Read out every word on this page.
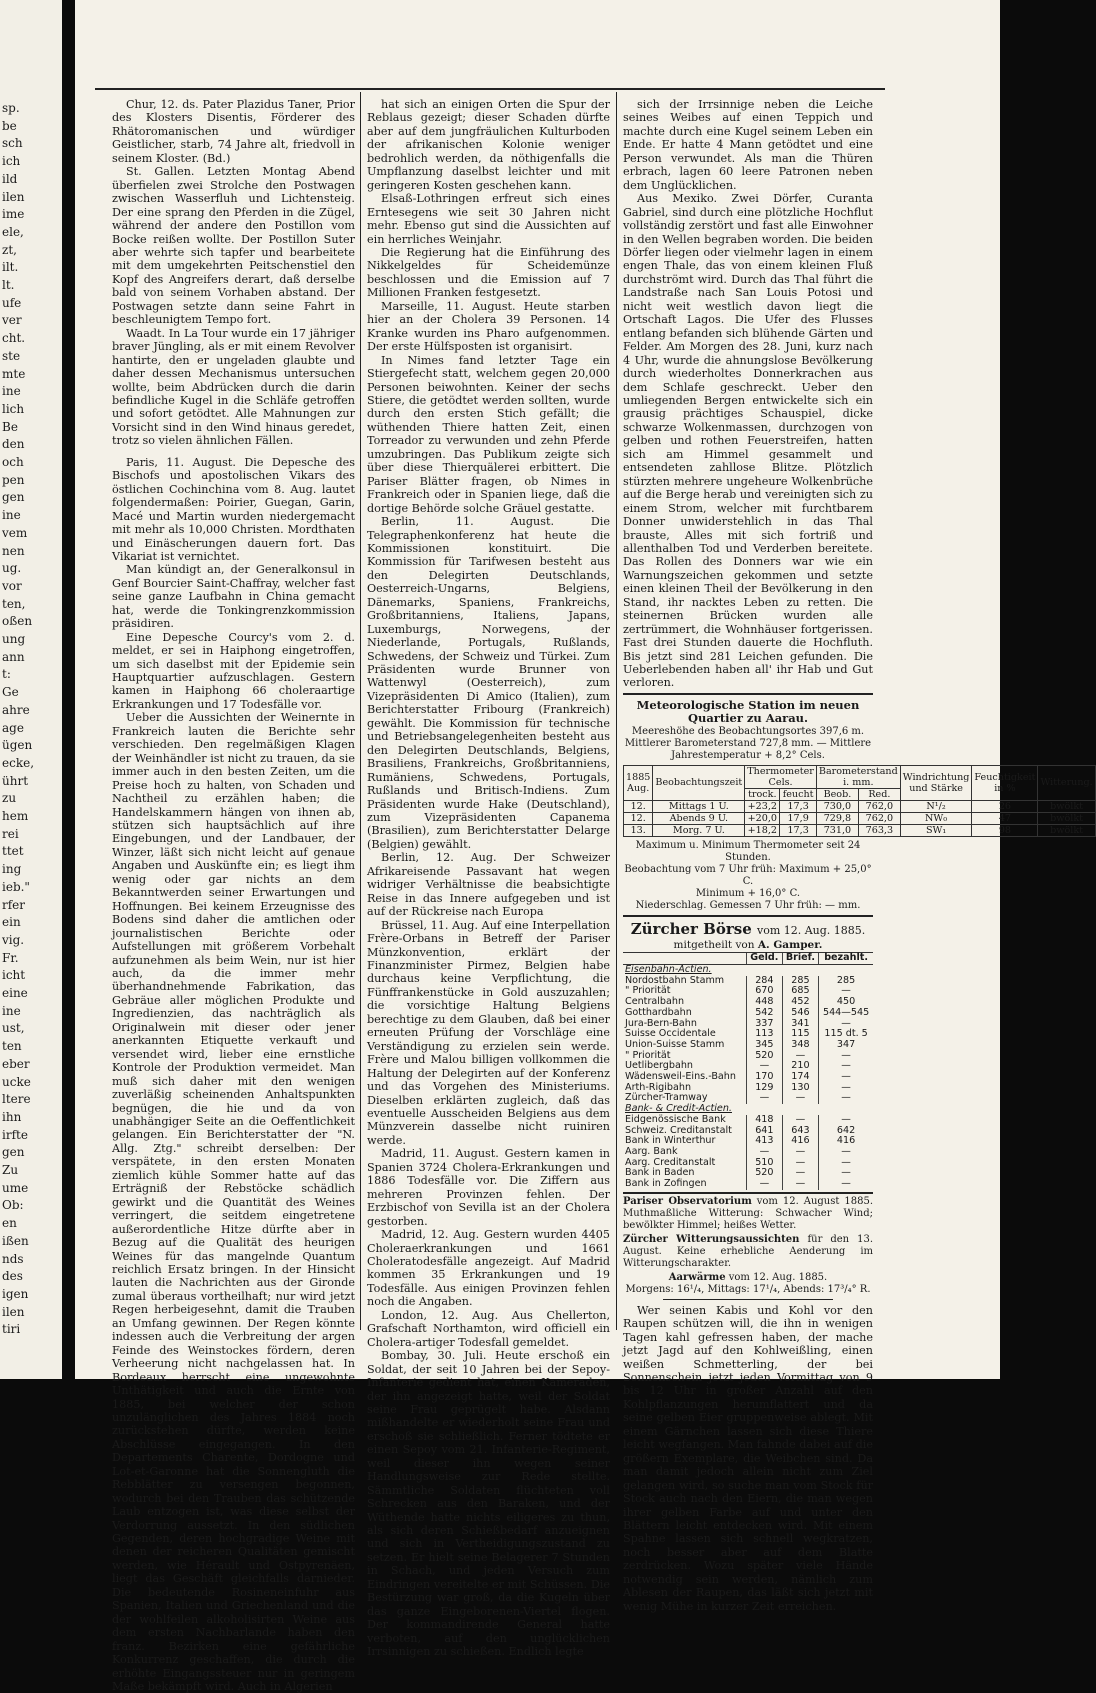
sp.
be
sch
ich
ild
ilen
ime
ele,
zt,
ilt.
lt.
ufe
ver
cht.
ste
mte
ine
lich
Be
den
och
pen
gen
ine
vem
nen
ug.
vor
ten,
oßen
ung
ann
t:
Ge
ahre
age
ügen
ecke,
ührt
zu
hem
rei
ttet
ing
ieb."
rfer
ein
vig.
Fr.
icht
eine
ine
ust,
ten
eber
ucke
ltere
ihn
irfte
gen
Zu
ume
Ob:
en
ißen
nds
des
igen
ilen
tiri

Chur, 12. ds. Pater Plazidus Taner, Prior des Klosters Disentis, Förderer des Rhätoromanischen und würdiger Geistlicher, starb, 74 Jahre alt, friedvoll in seinem Kloster. (Bd.)

St. Gallen. Letzten Montag Abend überfielen zwei Strolche den Postwagen zwischen Wasserfluh und Lichtensteig. Der eine sprang den Pferden in die Zügel, während der andere den Postillon vom Bocke reißen wollte. Der Postillon Suter aber wehrte sich tapfer und bearbeitete mit dem umgekehrten Peitschenstiel den Kopf des Angreifers derart, daß derselbe bald von seinem Vorhaben abstand. Der Postwagen setzte dann seine Fahrt in beschleunigtem Tempo fort.

Waadt. In La Tour wurde ein 17 jähriger braver Jüngling, als er mit einem Revolver hantirte, den er ungeladen glaubte und daher dessen Mechanismus untersuchen wollte, beim Abdrücken durch die darin befindliche Kugel in die Schläfe getroffen und sofort getödtet. Alle Mahnungen zur Vorsicht sind in den Wind hinaus geredet, trotz so vielen ähnlichen Fällen.

Paris, 11. August. Die Depesche des Bischofs und apostolischen Vikars des östlichen Cochinchina vom 8. Aug. lautet folgendermaßen: Poirier, Guegan, Garin, Macé und Martin wurden niedergemacht mit mehr als 10,000 Christen. Mordthaten und Einäscherungen dauern fort. Das Vikariat ist vernichtet.

Man kündigt an, der Generalkonsul in Genf Bourcier Saint-Chaffray, welcher fast seine ganze Laufbahn in China gemacht hat, werde die Tonkingrenzkommission präsidiren.

Eine Depesche Courcy's vom 2. d. meldet, er sei in Haiphong eingetroffen, um sich daselbst mit der Epidemie sein Hauptquartier aufzuschlagen. Gestern kamen in Haiphong 66 choleraartige Erkrankungen und 17 Todesfälle vor.

Ueber die Aussichten der Weinernte in Frankreich lauten die Berichte sehr verschieden. Den regelmäßigen Klagen der Weinhändler ist nicht zu trauen, da sie immer auch in den besten Zeiten, um die Preise hoch zu halten, von Schaden und Nachtheil zu erzählen haben; die Handelskammern hängen von ihnen ab, stützen sich hauptsächlich auf ihre Eingebungen, und der Landbauer, der Winzer, läßt sich nicht leicht auf genaue Angaben und Auskünfte ein; es liegt ihm wenig oder gar nichts an dem Bekanntwerden seiner Erwartungen und Hoffnungen. Bei keinem Erzeugnisse des Bodens sind daher die amtlichen oder journalistischen Berichte oder Aufstellungen mit größerem Vorbehalt aufzunehmen als beim Wein, nur ist hier auch, da die immer mehr überhandnehmende Fabrikation, das Gebräue aller möglichen Produkte und Ingredienzien, das nachträglich als Originalwein mit dieser oder jener anerkannten Etiquette verkauft und versendet wird, lieber eine ernstliche Kontrole der Produktion vermeidet. Man muß sich daher mit den wenigen zuverläßig scheinenden Anhaltspunkten begnügen, die hie und da von unabhängiger Seite an die Oeffentlichkeit gelangen. Ein Berichterstatter der "N. Allg. Ztg." schreibt derselben: Der verspätete, in den ersten Monaten ziemlich kühle Sommer hatte auf das Erträgniß der Rebstöcke schädlich gewirkt und die Quantität des Weines verringert, die seitdem eingetretene außerordentliche Hitze dürfte aber in Bezug auf die Qualität des heurigen Weines für das mangelnde Quantum reichlich Ersatz bringen. In der Hinsicht lauten die Nachrichten aus der Gironde zumal überaus vortheilhaft; nur wird jetzt Regen herbeigesehnt, damit die Trauben an Umfang gewinnen. Der Regen könnte indessen auch die Verbreitung der argen Feinde des Weinstockes fördern, deren Verheerung nicht nachgelassen hat. In Bordeaux herrscht eine ungewohnte Unthätigkeit und auch die Ernte von 1885, bei welcher der schon unzulänglichen des Jahres 1884 noch zurückstehen dürfte, werden keine Abschlüsse eingegangen. In den Departements Charente, Dordogne und Lot-et-Garonne hat die Sonnengluth die Rebblätter zu versengen begonnen, wodurch bei den Trauben das schützende Laub entzogen ist, was diese selbst der Verdorrung aussetzt. In den südlichen Gegenden, deren hochgradige Weine mit denen der reicheren Qualitäten gemischt werden, wie Hérault und Ostpyrenäen, liegt das Geschäft gleichfalls darnieder. Die bedeutende Rosineneinfuhr aus Spanien, Italien und Griechenland und die der wohlfeilen alkoholisirten Weine aus dem ersten Nachbarlande haben den franz. Bezirken eine gefährliche Konkurrenz geschaffen, die durch die erhöhte Eingangssteuer nur in geringem Maße bekämpft wird. Auch in Algerien

hat sich an einigen Orten die Spur der Reblaus gezeigt; dieser Schaden dürfte aber auf dem jungfräulichen Kulturboden der afrikanischen Kolonie weniger bedrohlich werden, da nöthigenfalls die Umpflanzung daselbst leichter und mit geringeren Kosten geschehen kann.

Elsaß-Lothringen erfreut sich eines Erntesegens wie seit 30 Jahren nicht mehr. Ebenso gut sind die Aussichten auf ein herrliches Weinjahr.

Die Regierung hat die Einführung des Nikkelgeldes für Scheidemünze beschlossen und die Emission auf 7 Millionen Franken festgesetzt.

Marseille, 11. August. Heute starben hier an der Cholera 39 Personen. 14 Kranke wurden ins Pharo aufgenommen. Der erste Hülfsposten ist organisirt.

In Nimes fand letzter Tage ein Stiergefecht statt, welchem gegen 20,000 Personen beiwohnten. Keiner der sechs Stiere, die getödtet werden sollten, wurde durch den ersten Stich gefällt; die wüthenden Thiere hatten Zeit, einen Torreador zu verwunden und zehn Pferde umzubringen. Das Publikum zeigte sich über diese Thierquälerei erbittert. Die Pariser Blätter fragen, ob Nimes in Frankreich oder in Spanien liege, daß die dortige Behörde solche Gräuel gestatte.

Berlin, 11. August. Die Telegraphenkonferenz hat heute die Kommissionen konstituirt. Die Kommission für Tarifwesen besteht aus den Delegirten Deutschlands, Oesterreich-Ungarns, Belgiens, Dänemarks, Spaniens, Frankreichs, Großbritanniens, Italiens, Japans, Luxemburgs, Norwegens, der Niederlande, Portugals, Rußlands, Schwedens, der Schweiz und Türkei. Zum Präsidenten wurde Brunner von Wattenwyl (Oesterreich), zum Vizepräsidenten Di Amico (Italien), zum Berichterstatter Fribourg (Frankreich) gewählt. Die Kommission für technische und Betriebsangelegenheiten besteht aus den Delegirten Deutschlands, Belgiens, Brasiliens, Frankreichs, Großbritanniens, Rumäniens, Schwedens, Portugals, Rußlands und Britisch-Indiens. Zum Präsidenten wurde Hake (Deutschland), zum Vizepräsidenten Capanema (Brasilien), zum Berichterstatter Delarge (Belgien) gewählt.

Berlin, 12. Aug. Der Schweizer Afrikareisende Passavant hat wegen widriger Verhältnisse die beabsichtigte Reise in das Innere aufgegeben und ist auf der Rückreise nach Europa

Brüssel, 11. Aug. Auf eine Interpellation Frère-Orbans in Betreff der Pariser Münzkonvention, erklärt der Finanzminister Pirmez, Belgien habe durchaus keine Verpflichtung, die Fünffrankenstücke in Gold auszuzahlen; die vorsichtige Haltung Belgiens berechtige zu dem Glauben, daß bei einer erneuten Prüfung der Vorschläge eine Verständigung zu erzielen sein werde. Frère und Malou billigen vollkommen die Haltung der Delegirten auf der Konferenz und das Vorgehen des Ministeriums. Dieselben erklärten zugleich, daß das eventuelle Ausscheiden Belgiens aus dem Münzverein dasselbe nicht ruiniren werde.

Madrid, 11. August. Gestern kamen in Spanien 3724 Cholera-Erkrankungen und 1886 Todesfälle vor. Die Ziffern aus mehreren Provinzen fehlen. Der Erzbischof von Sevilla ist an der Cholera gestorben.

Madrid, 12. Aug. Gestern wurden 4405 Choleraerkrankungen und 1661 Choleratodesfälle angezeigt. Auf Madrid kommen 35 Erkrankungen und 19 Todesfälle. Aus einigen Provinzen fehlen noch die Angaben.

London, 12. Aug. Aus Chellerton, Grafschaft Northamton, wird officiell ein Cholera-artiger Todesfall gemeldet.

Bombay, 30. Juli. Heute erschoß ein Soldat, der seit 10 Jahren bei der Sepoy-Infanterie gedient hat, einen Kameraden, der ihn angezeigt hatte, weil der Soldat seine Frau geprügelt habe. Alsdann mißhandelte er wiederholt seine Frau und erschoß sie schließlich. Ferner tödtete er einen Sepoy vom 21. Infanterie-Regiment, weil dieser ihn wegen seiner Handlungsweise zur Rede stellte. Sämmtliche Soldaten flüchteten voll Schrecken aus den Baraken, und der Wüthende hatte nichts eiligeres zu thun, als sich deren Schießbedarf anzueignen und sich in Vertheidigungszustand zu setzen. Er hielt seine Belagerer 7 Stunden in Schach, und jeden Versuch zum Eindringen vereitelte er mit Schüssen. Die Bestürzung war groß, da die Kugeln über das ganze Eingeborenen-Viertel flogen. Der kommandirende General hatte verboten, auf den unglücklichen Irrsinnigen zu schießen. Endlich legte

sich der Irrsinnige neben die Leiche seines Weibes auf einen Teppich und machte durch eine Kugel seinem Leben ein Ende. Er hatte 4 Mann getödtet und eine Person verwundet. Als man die Thüren erbrach, lagen 60 leere Patronen neben dem Unglücklichen.

Aus Mexiko. Zwei Dörfer, Curanta Gabriel, sind durch eine plötzliche Hochflut vollständig zerstört und fast alle Einwohner in den Wellen begraben worden. Die beiden Dörfer liegen oder vielmehr lagen in einem engen Thale, das von einem kleinen Fluß durchströmt wird. Durch das Thal führt die Landstraße nach San Louis Potosi und nicht weit westlich davon liegt die Ortschaft Lagos. Die Ufer des Flusses entlang befanden sich blühende Gärten und Felder. Am Morgen des 28. Juni, kurz nach 4 Uhr, wurde die ahnungslose Bevölkerung durch wiederholtes Donnerkrachen aus dem Schlafe geschreckt. Ueber den umliegenden Bergen entwickelte sich ein grausig prächtiges Schauspiel, dicke schwarze Wolkenmassen, durchzogen von gelben und rothen Feuerstreifen, hatten sich am Himmel gesammelt und entsendeten zahllose Blitze. Plötzlich stürzten mehrere ungeheure Wolkenbrüche auf die Berge herab und vereinigten sich zu einem Strom, welcher mit furchtbarem Donner unwiderstehlich in das Thal brauste, Alles mit sich fortriß und allenthalben Tod und Verderben bereitete. Das Rollen des Donners war wie ein Warnungszeichen gekommen und setzte einen kleinen Theil der Bevölkerung in den Stand, ihr nacktes Leben zu retten. Die steinernen Brücken wurden alle zertrümmert, die Wohnhäuser fortgerissen. Fast drei Stunden dauerte die Hochfluth. Bis jetzt sind 281 Leichen gefunden. Die Ueberlebenden haben all' ihr Hab und Gut verloren.

Meteorologische Station im neuen Quartier zu Aarau.
Meereshöhe des Beobachtungsortes 397,6 m.
Mittlerer Barometerstand 727,8 mm. — Mittlere Jahrestemperatur + 8,2° Cels.
1885 Aug.	Beobachtungszeit	Thermometer Cels.		Barometerstand i. mm.		Windrichtung und Stärke	Feuchtigkeit in %	Witterung.
		trock.	feucht	Beob.	Red.			
12.	Mittags 1 U.	+23,2	17,3	730,0	762,0	N¹/₂	26	bwölkt
12.	Abends 9 U.	+20,0	17,9	729,8	762,0	NW₀	47	bwölkt
13.	Morg. 7 U.	+18,2	17,3	731,0	763,3	SW₁	98	bwölkt
Maximum u. Minimum Thermometer seit 24 Stunden.
Beobachtung vom 7 Uhr früh: Maximum + 25,0° C.
Minimum + 16,0° C.
Niederschlag. Gemessen 7 Uhr früh: — mm.
Zürcher Börse vom 12. Aug. 1885.
mitgetheilt von A. Gamper.
	Geld.	Brief.	bezahlt.
Eisenbahn-Actien.			
Nordostbahn Stamm	284	285	285
" Priorität	670	685	—
Centralbahn	448	452	450
Gotthardbahn	542	546	544—545
Jura-Bern-Bahn	337	341	—
Suisse Occidentale	113	115	115 dt. 5
Union-Suisse Stamm	345	348	347
" Priorität	520	—	—
Uetlibergbahn	—	210	—
Wädensweil-Eins.-Bahn	170	174	—
Arth-Rigibahn	129	130	—
Zürcher-Tramway	—	—	—
Bank- & Credit-Actien.			
Eidgenössische Bank	418	—	—
Schweiz. Creditanstalt	641	643	642
Bank in Winterthur	413	416	416
Aarg. Bank	—	—	—
Aarg. Creditanstalt	510	—	—
Bank in Baden	520	—	—
Bank in Zofingen	—	—	—
Pariser Observatorium vom 12. August 1885. Muthmaßliche Witterung: Schwacher Wind; bewölkter Himmel; heißes Wetter.
Zürcher Witterungsaussichten für den 13. August. Keine erhebliche Aenderung im Witterungscharakter.
Aarwärme vom 12. Aug. 1885.
Morgens: 16¹/₄, Mittags: 17¹/₄, Abends: 17³/₄° R.

Wer seinen Kabis und Kohl vor den Raupen schützen will, die ihn in wenigen Tagen kahl gefressen haben, der mache jetzt Jagd auf den Kohlweißling, einen weißen Schmetterling, der bei Sonnenschein jetzt jeden Vormittag von 9 bis 12 Uhr in großer Anzahl auf den Kohlpflanzungen herumflattert und da seine gelben Eier gruppenweise ablegt. Mit einem Gärnchen lassen sich diese Thiere leicht wegfangen. Man fahnde dabei auf die größern Exemplare, die Weibchen sind. Da man damit jedoch allein nicht zum Ziel gelangen wird, so suche man vom Stock für Stock auch nach den Eiern, die man wegen ihrer gelben Farbe auf und unter den Blättern leicht entdecken wird. Mit einem Spahne lassen sich schnell wegkratzen, noch besser aber auf dem Blatte zerdrücken. Wozu später viele Hände notwendig sein werden, nämlich zum Ablesen der Raupen, das läßt sich jetzt mit wenig Mühe in kurzer Zeit erreichen.
